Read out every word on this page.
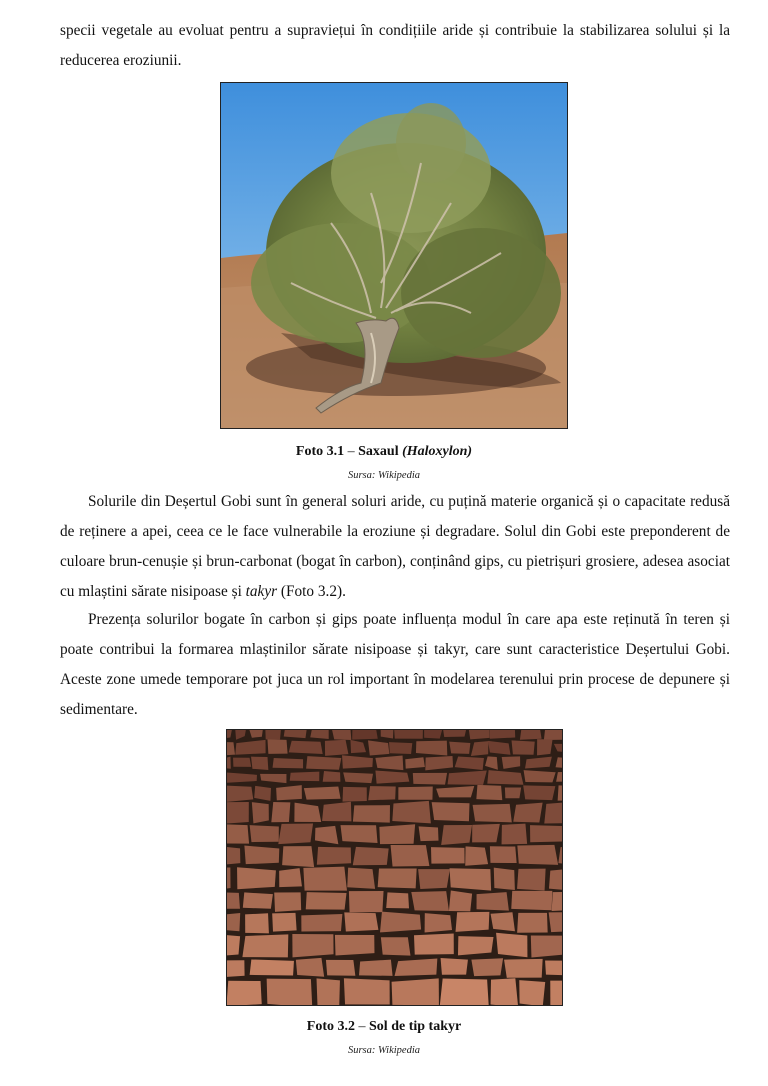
specii vegetale au evoluat pentru a supraviețui în condițiile aride și contribuie la stabilizarea solului și la reducerea eroziunii.

Foto 3.1 – Saxaul (Haloxylon)

Sursa: Wikipedia

Solurile din Deșertul Gobi sunt în general soluri aride, cu puțină materie organică și o capacitate redusă de reținere a apei, ceea ce le face vulnerabile la eroziune și degradare. Solul din Gobi este preponderent de culoare brun-cenușie și brun-carbonat (bogat în carbon), conținând gips, cu pietrișuri grosiere, adesea asociat cu mlaștini sărate nisipoase și takyr (Foto 3.2).

Prezența solurilor bogate în carbon și gips poate influența modul în care apa este reținută în teren și poate contribui la formarea mlaștinilor sărate nisipoase și takyr, care sunt caracteristice Deșertului Gobi. Aceste zone umede temporare pot juca un rol important în modelarea terenului prin procese de depunere și sedimentare.

Foto 3.2 – Sol de tip takyr

Sursa: Wikipedia
